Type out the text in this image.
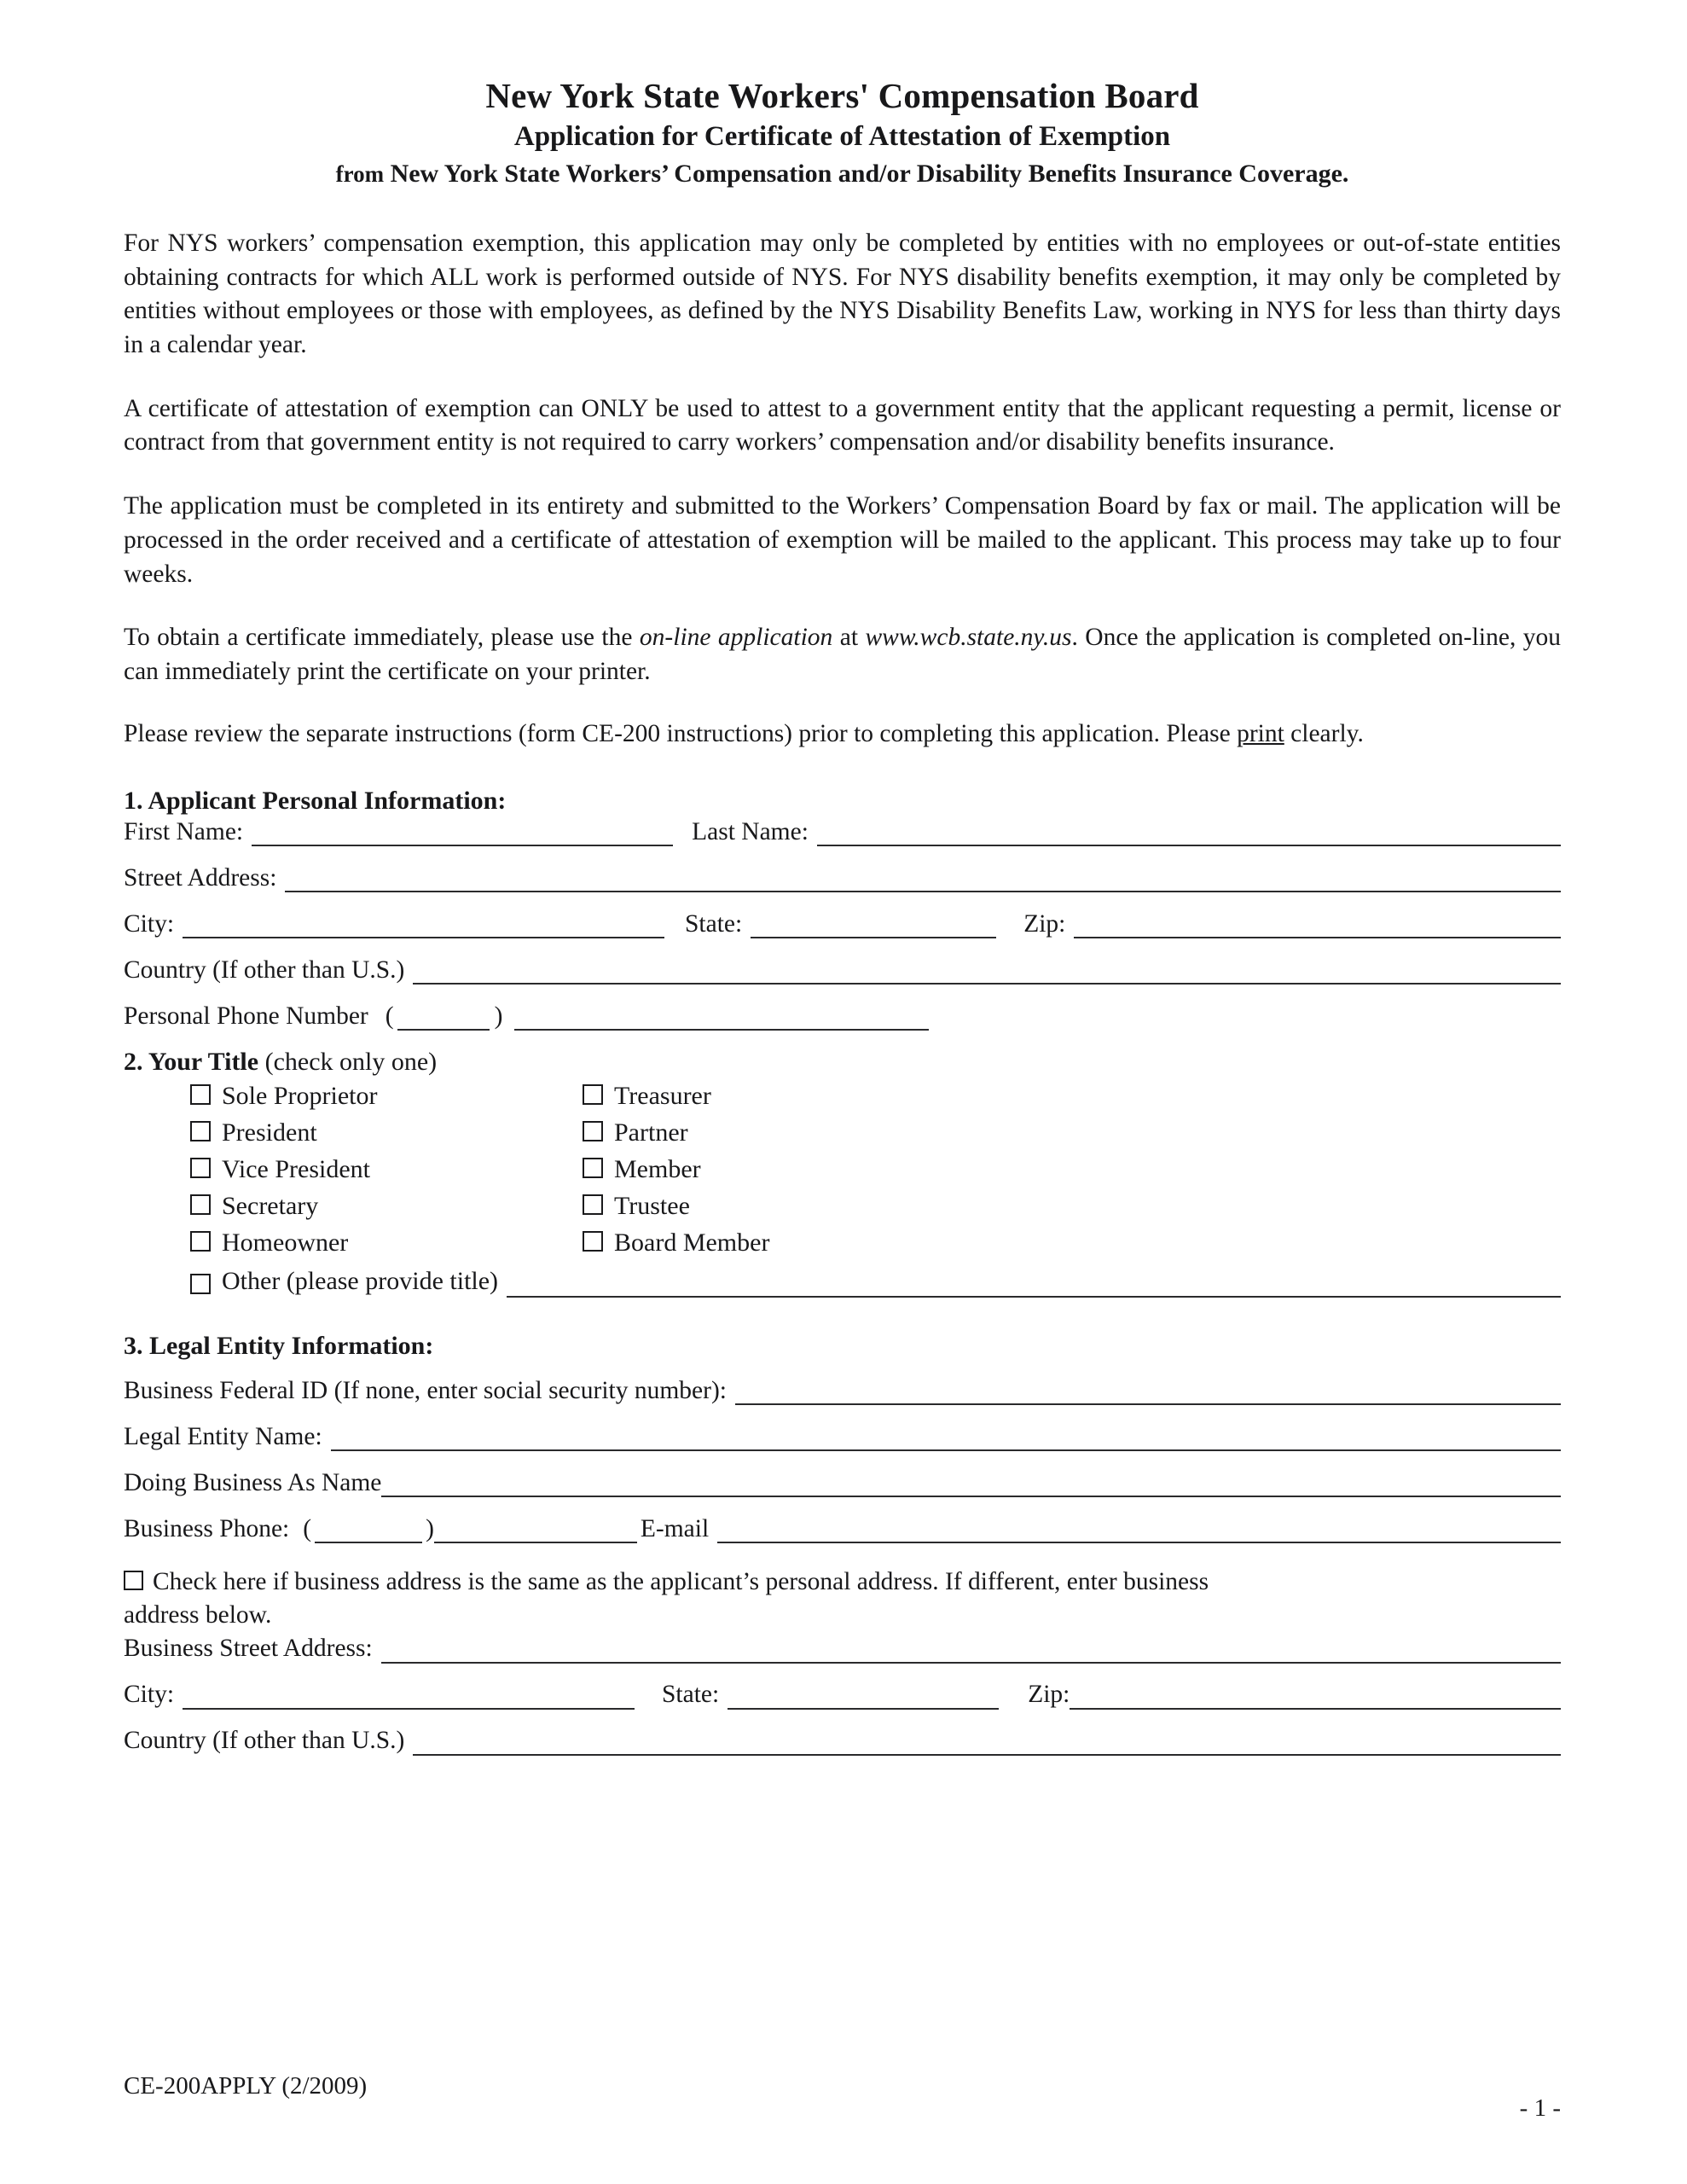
New York State Workers' Compensation Board
Application for Certificate of Attestation of Exemption
from New York State Workers’ Compensation and/or Disability Benefits Insurance Coverage.

For NYS workers’ compensation exemption, this application may only be completed by entities with no employees or out-of-state entities obtaining contracts for which ALL work is performed outside of NYS. For NYS disability benefits exemption, it may only be completed by entities without employees or those with employees, as defined by the NYS Disability Benefits Law, working in NYS for less than thirty days in a calendar year.

A certificate of attestation of exemption can ONLY be used to attest to a government entity that the applicant requesting a permit, license or contract from that government entity is not required to carry workers’ compensation and/or disability benefits insurance.

The application must be completed in its entirety and submitted to the Workers’ Compensation Board by fax or mail. The application will be processed in the order received and a certificate of attestation of exemption will be mailed to the applicant. This process may take up to four weeks.

To obtain a certificate immediately, please use the on-line application at www.wcb.state.ny.us. Once the application is completed on-line, you can immediately print the certificate on your printer.

Please review the separate instructions (form CE-200 instructions) prior to completing this application. Please print clearly.

1. Applicant Personal Information:
First Name:	Last Name:
Street Address:
City:	State:	Zip:
Country (If other than U.S.)
Personal Phone Number (	)
2. Your Title (check only one)
Sole Proprietor
President
Vice President
Secretary
Homeowner
Treasurer
Partner
Member
Trustee
Board Member
Other (please provide title)
3. Legal Entity Information:
Business Federal ID (If none, enter social security number):
Legal Entity Name:
Doing Business As Name
Business Phone: (	)	E-mail

Check here if business address is the same as the applicant’s personal address. If different, enter business
address below.

Business Street Address:
City:	State:	Zip:
Country (If other than U.S.)
CE-200APPLY (2/2009)
- 1 -
